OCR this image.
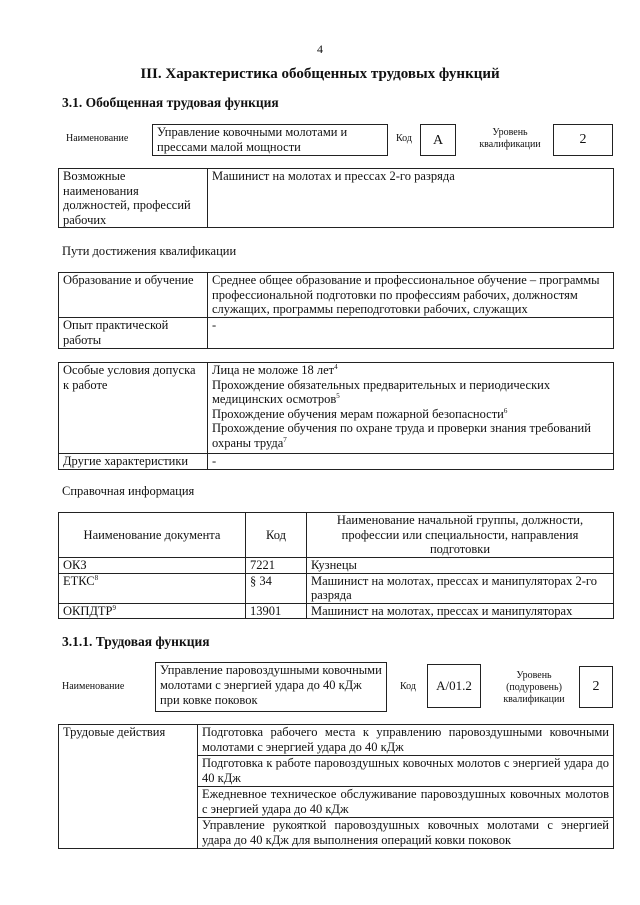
4
III. Характеристика обобщенных трудовых функций
3.1. Обобщенная трудовая функция
Наименование	Управление ковочными молотами и прессами малой мощности
Код	А	Уровень квалификации	2
Возможные наименования должностей, профессий рабочих	Машинист на молотах и прессах 2-го разряда
Пути достижения квалификации
Образование и обучение	Среднее общее образование и профессиональное обучение – программы профессиональной подготовки по профессиям рабочих, должностям служащих, программы переподготовки рабочих, служащих
Опыт практической работы	-
Особые условия допуска к работе	Лица не моложе 18 лет$^4$
Прохождение обязательных предварительных и периодических медицинских осмотров$^5$
Прохождение обучения мерам пожарной безопасности$^6$
Прохождение обучения по охране труда и проверки знания требований охраны труда$^7$

Другие характеристики	-
Справочная информация
Наименование документа	Код	Наименование начальной группы, должности, профессии или специальности, направления подготовки
ОКЗ	7221	Кузнецы
ЕТКС$^8$	§ 34	Машинист на молотах, прессах и манипуляторах 2-го разряда
ОКПДТР$^9$	13901	Машинист на молотах, прессах и манипуляторах
3.1.1. Трудовая функция
Наименование
Управление паровоздушными ковочными молотами с энергией удара до 40 кДж при ковке поковок
Код	А/01.2
Уровень (подуровень) квалификации
2
Трудовые действия	Подготовка рабочего места к управлению паровоздушными ковочными молотами с энергией удара до 40 кДж
Подготовка к работе паровоздушных ковочных молотов с энергией удара до 40 кДж
Ежедневное техническое обслуживание паровоздушных ковочных молотов с энергией удара до 40 кДж
Управление рукояткой паровоздушных ковочных молотами с энергией удара до 40 кДж для выполнения операций ковки поковок
